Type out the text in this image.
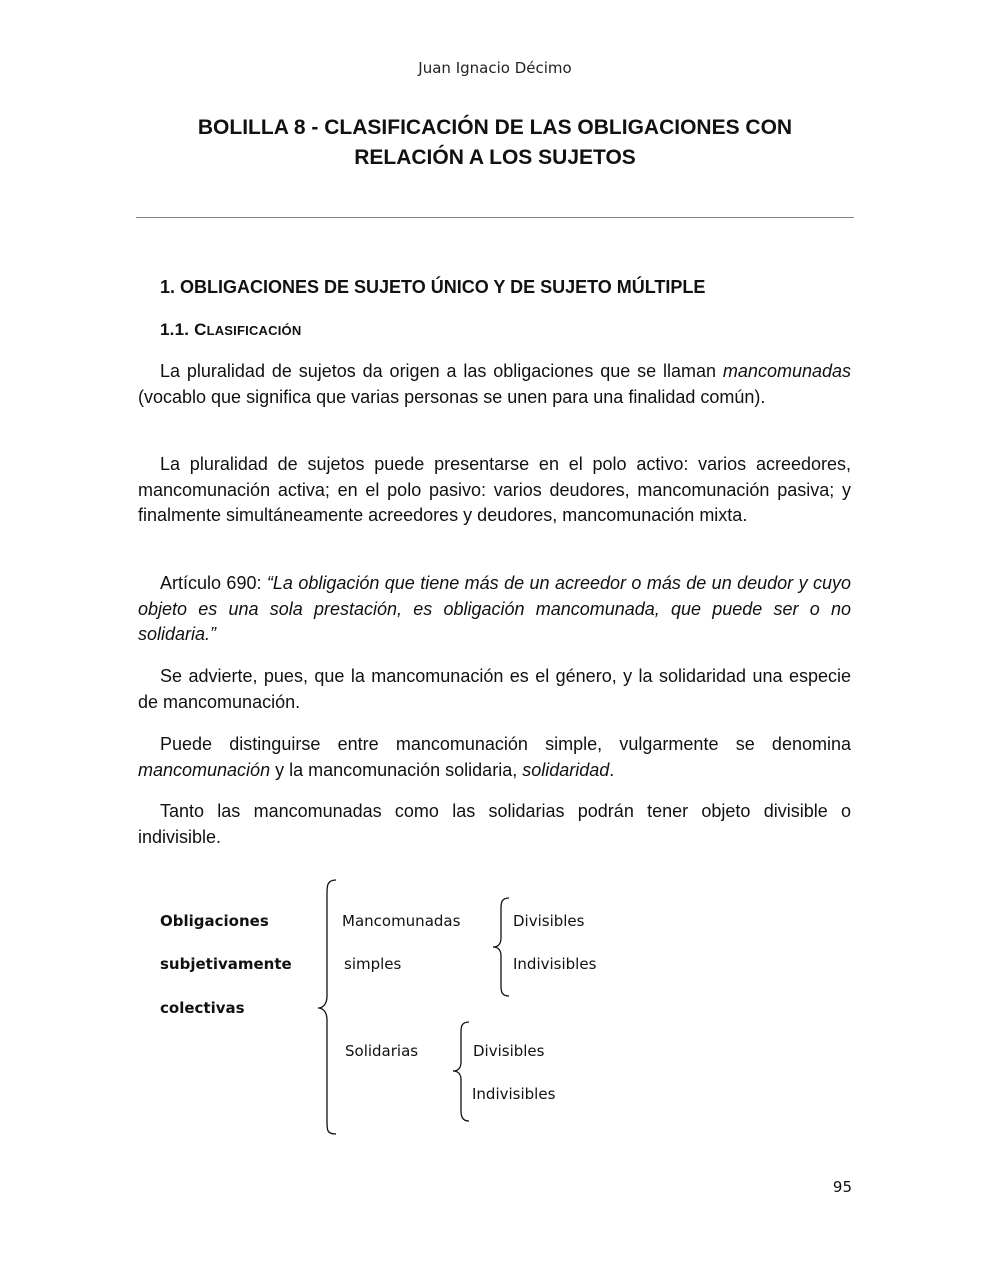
Juan Ignacio Décimo
BOLILLA 8 - CLASIFICACIÓN DE LAS OBLIGACIONES CON
RELACIÓN A LOS SUJETOS
1. OBLIGACIONES DE SUJETO ÚNICO Y DE SUJETO MÚLTIPLE
1.1. CLASIFICACIÓN

La pluralidad de sujetos da origen a las obligaciones que se llaman mancomunadas (vocablo que significa que varias personas se unen para una finalidad común).

La pluralidad de sujetos puede presentarse en el polo activo: varios acreedores, mancomunación activa; en el polo pasivo: varios deudores, mancomunación pasiva; y finalmente simultáneamente acreedores y deudores, mancomunación mixta.

Artículo 690: “La obligación que tiene más de un acreedor o más de un deudor y cuyo objeto es una sola prestación, es obligación mancomunada, que puede ser o no solidaria.”

Se advierte, pues, que la mancomunación es el género, y la solidaridad una especie de mancomunación.

Puede distinguirse entre mancomunación simple, vulgarmente se denomina mancomunación y la mancomunación solidaria, solidaridad.

Tanto las mancomunadas como las solidarias podrán tener objeto divisible o indivisible.

Obligaciones
subjetivamente
colectivas
Mancomunadas
simples
Divisibles
Indivisibles
Solidarias	Divisibles
Indivisibles
95
